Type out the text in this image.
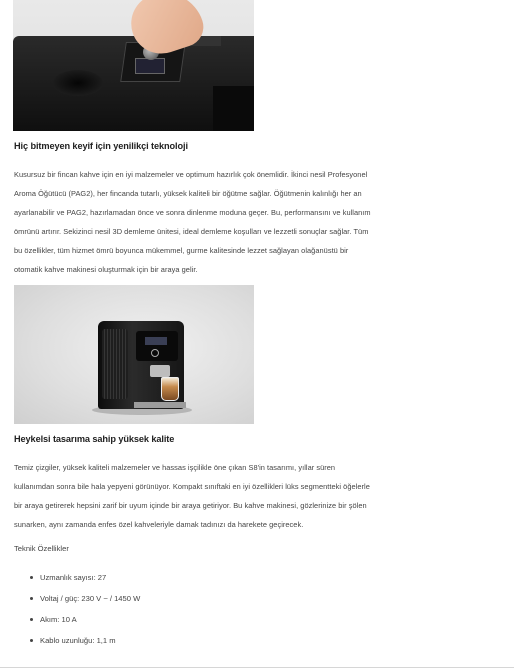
Hiç bitmeyen keyif için yenilikçi teknoloji
Kusursuz bir fincan kahve için en iyi malzemeler ve optimum hazırlık çok önemlidir. İkinci nesil Profesyonel
Aroma Öğütücü (PAG2), her fincanda tutarlı, yüksek kaliteli bir öğütme sağlar. Öğütmenin kalınlığı her an
ayarlanabilir ve PAG2, hazırlamadan önce ve sonra dinlenme moduna geçer. Bu, performansını ve kullanım
ömrünü artırır. Sekizinci nesil 3D demleme ünitesi, ideal demleme koşulları ve lezzetli sonuçlar sağlar. Tüm
bu özellikler, tüm hizmet ömrü boyunca mükemmel, gurme kalitesinde lezzet sağlayan olağanüstü bir
otomatik kahve makinesi oluşturmak için bir araya gelir.
Heykelsi tasarıma sahip yüksek kalite
Temiz çizgiler, yüksek kaliteli malzemeler ve hassas işçilikle öne çıkan S8'in tasarımı, yıllar süren
kullanımdan sonra bile hala yepyeni görünüyor. Kompakt sınıftaki en iyi özellikleri lüks segmentteki öğelerle
bir araya getirerek hepsini zarif bir uyum içinde bir araya getiriyor. Bu kahve makinesi, gözlerinize bir şölen
sunarken, aynı zamanda enfes özel kahveleriyle damak tadınızı da harekete geçirecek.
Teknik Özellikler
Uzmanlık sayısı: 27
Voltaj / güç: 230 V ~ / 1450 W
Akım: 10 A
Kablo uzunluğu: 1,1 m
